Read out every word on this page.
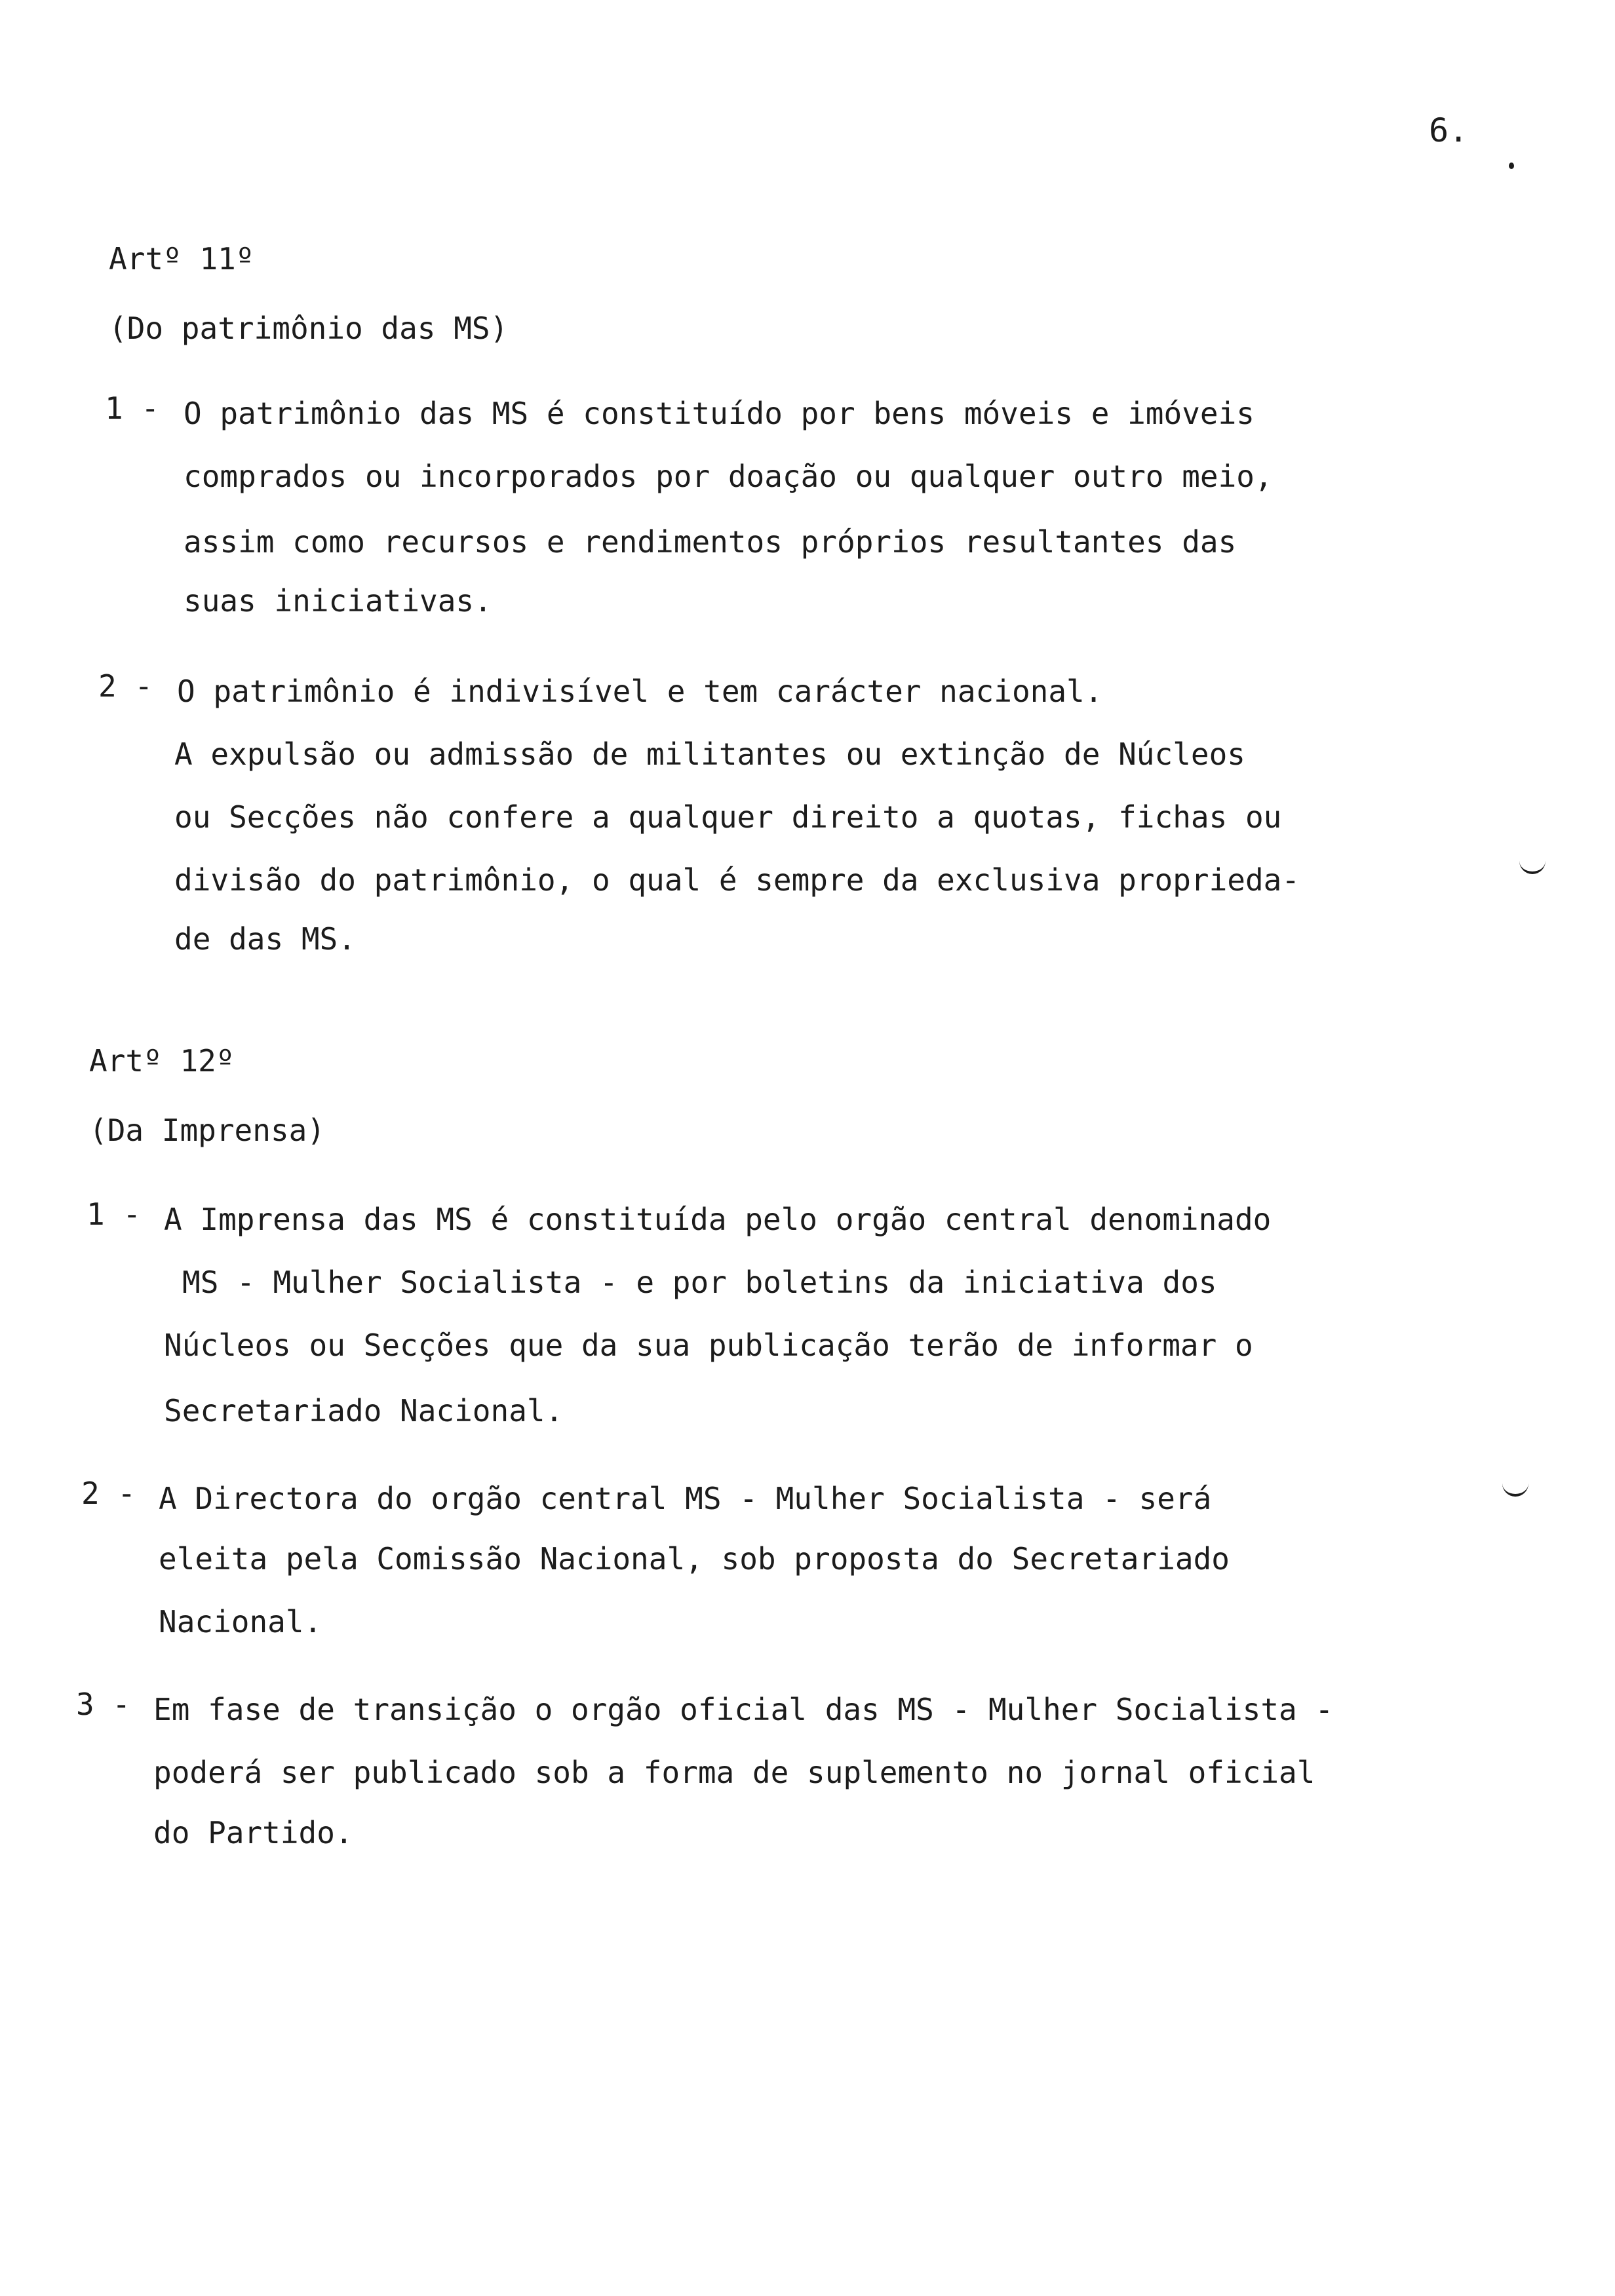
6.
Artº 11º
(Do patrimônio das MS)
1 - O patrimônio das MS é constituído por bens móveis e imóveis
comprados ou incorporados por doação ou qualquer outro meio,
assim como recursos e rendimentos próprios resultantes das
suas iniciativas.
2 - O patrimônio é indivisível e tem carácter nacional.
A expulsão ou admissão de militantes ou extinção de Núcleos
ou Secções não confere a qualquer direito a quotas, fichas ou
divisão do patrimônio, o qual é sempre da exclusiva proprieda-
de das MS.
Artº 12º
(Da Imprensa)
1 - A Imprensa das MS é constituída pelo orgão central denominado
MS - Mulher Socialista - e por boletins da iniciativa dos
Núcleos ou Secções que da sua publicação terão de informar o
Secretariado Nacional.
2 - A Directora do orgão central MS - Mulher Socialista - será
eleita pela Comissão Nacional, sob proposta do Secretariado
Nacional.
3 - Em fase de transição o orgão oficial das MS - Mulher Socialista -
poderá ser publicado sob a forma de suplemento no jornal oficial
do Partido.
